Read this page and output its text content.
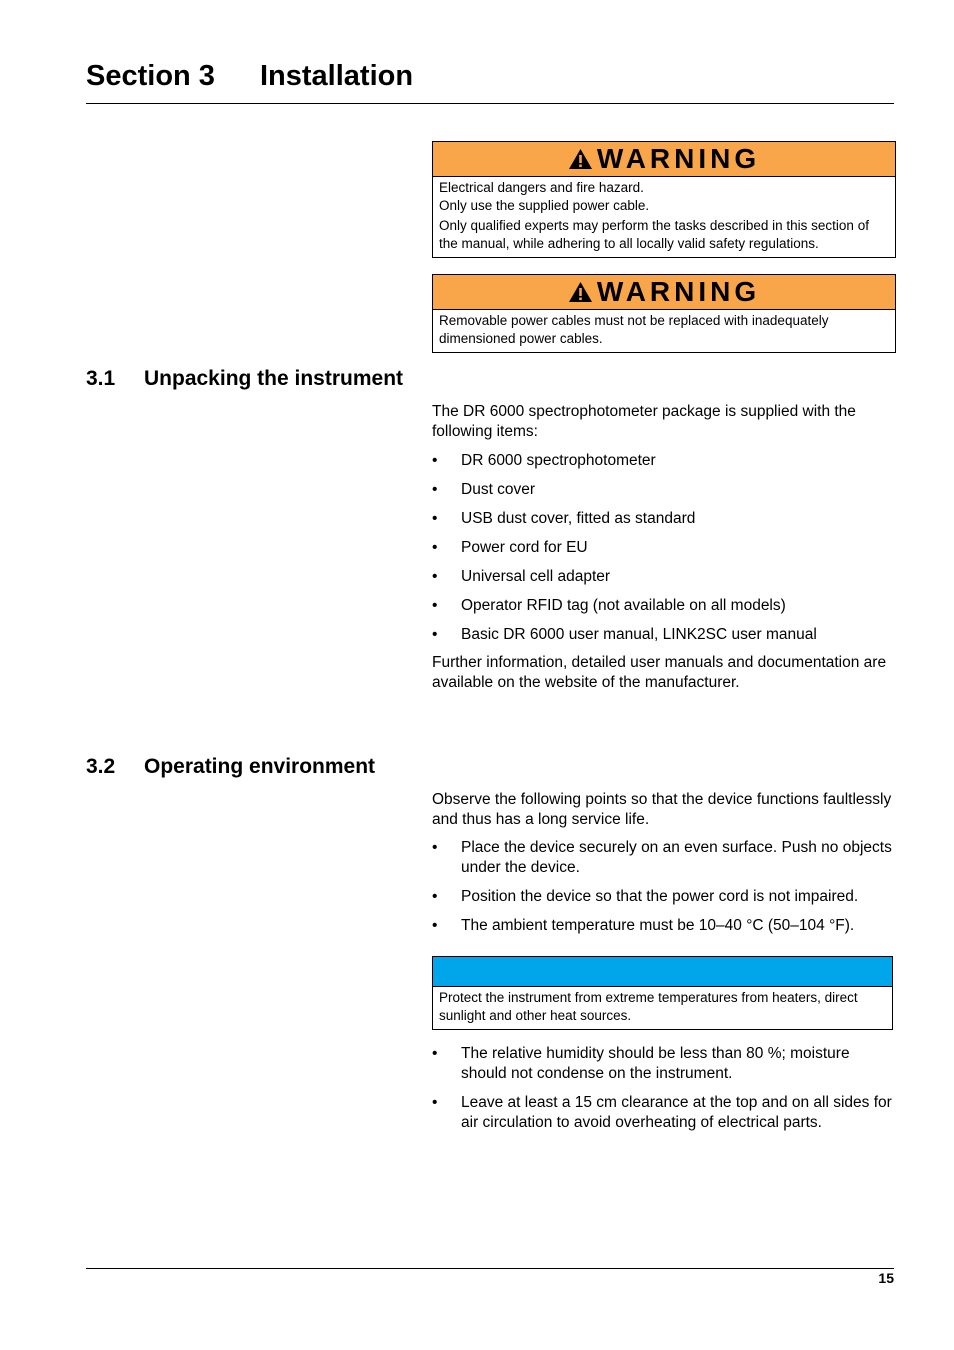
Section 3 Installation
WARNING

Electrical dangers and fire hazard.
Only use the supplied power cable.

Only qualified experts may perform the tasks described in this section of the manual, while adhering to all locally valid safety regulations.

WARNING

Removable power cables must not be replaced with inadequately dimensioned power cables.

3.1 Unpacking the instrument

The DR 6000 spectrophotometer package is supplied with the following items:

• DR 6000 spectrophotometer
• Dust cover
• USB dust cover, fitted as standard
• Power cord for EU
• Universal cell adapter
• Operator RFID tag (not available on all models)
• Basic DR 6000 user manual, LINK2SC user manual

Further information, detailed user manuals and documentation are available on the website of the manufacturer.

3.2 Operating environment

Observe the following points so that the device functions faultlessly and thus has a long service life.

• Place the device securely on an even surface. Push no objects under the device.
• Position the device so that the power cord is not impaired.
• The ambient temperature must be 10–40 °C (50–104 °F).
Protect the instrument from extreme temperatures from heaters, direct sunlight and other heat sources.
• The relative humidity should be less than 80 %; moisture should not condense on the instrument.
• Leave at least a 15 cm clearance at the top and on all sides for air circulation to avoid overheating of electrical parts.
15
